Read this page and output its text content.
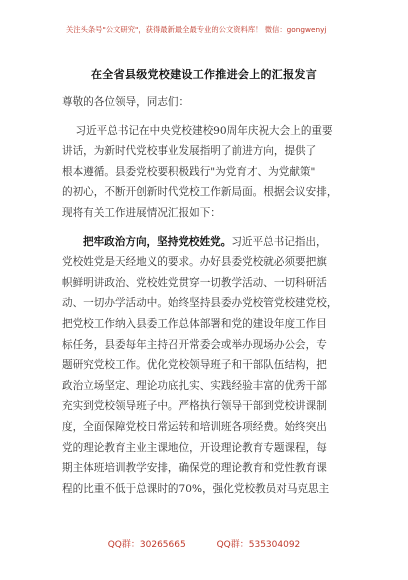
关注头条号"公文研究"，获得最新最全最专业的公文资料库！ 微信：gongwenyj
在全省县级党校建设工作推进会上的汇报发言
尊敬的各位领导，同志们：
习近平总书记在中央党校建校90周年庆祝大会上的重要
讲话，为新时代党校事业发展指明了前进方向，提供了
根本遵循。县委党校要积极践行"为党育才、为党献策"
的初心，不断开创新时代党校工作新局面。根据会议安排，
现将有关工作进展情况汇报如下：
把牢政治方向，坚持党校姓党。习近平总书记指出，
党校姓党是天经地义的要求。办好县委党校就必须要把旗
帜鲜明讲政治、党校姓党贯穿一切教学活动、一切科研活
动、一切办学活动中。始终坚持县委办党校管党校建党校，
把党校工作纳入县委工作总体部署和党的建设年度工作目
标任务，县委每年主持召开常委会或举办现场办公会，专
题研究党校工作。优化党校领导班子和干部队伍结构，把
政治立场坚定、理论功底扎实、实践经验丰富的优秀干部
充实到党校领导班子中。严格执行领导干部到党校讲课制
度，全面保障党校日常运转和培训班各项经费。始终突出
党的理论教育主业主课地位，开设理论教育专题课程，每
期主体班培训教学安排，确保党的理论教育和党性教育课
程的比重不低于总课时的70%，强化党校教员对马克思主
QQ群：30265665	QQ群：535304092
